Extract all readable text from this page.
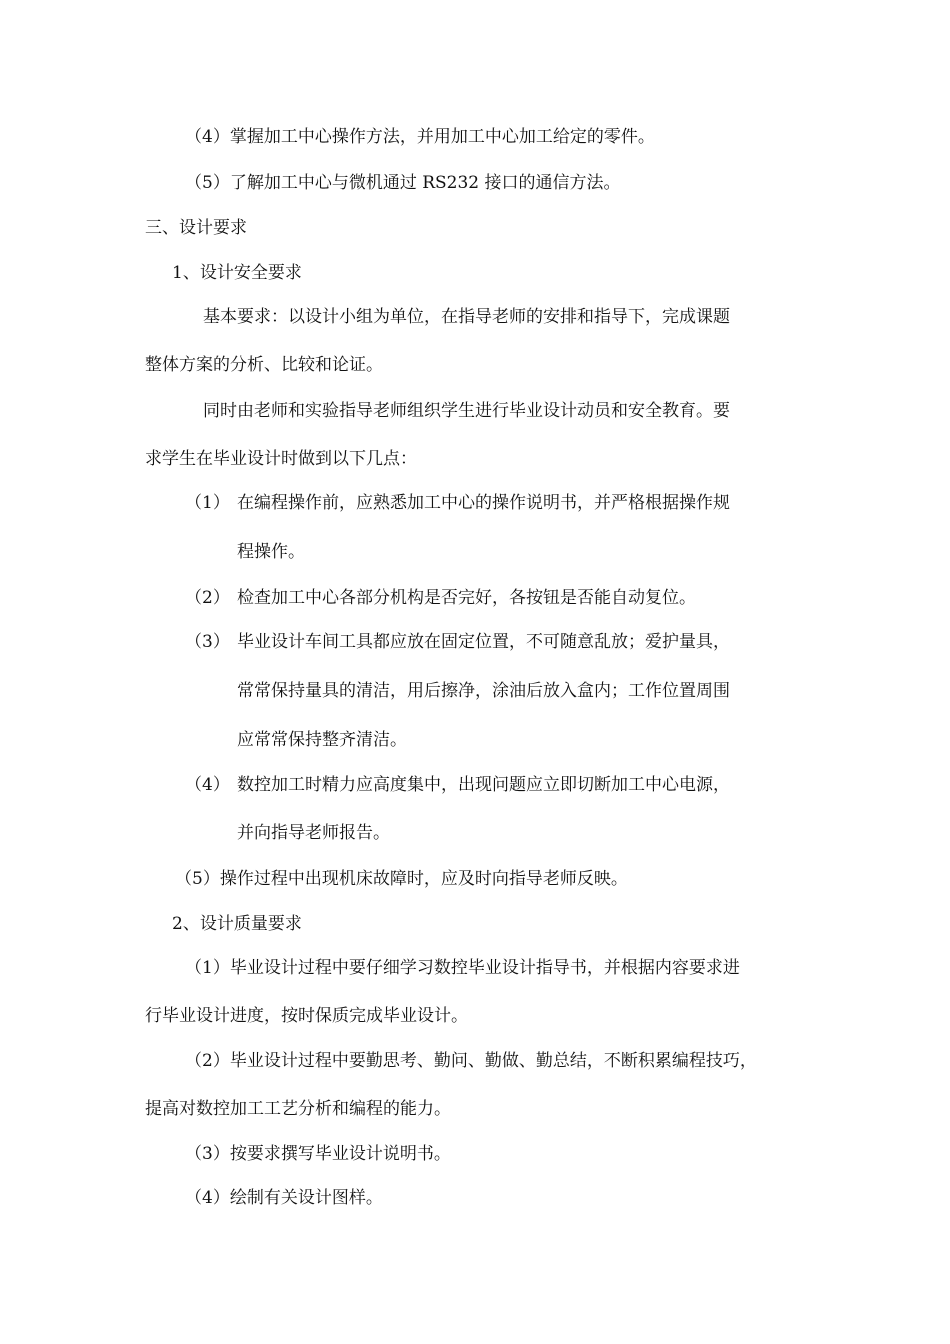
（4）掌握加工中心操作方法，并用加工中心加工给定的零件。
（5）了解加工中心与微机通过 RS232 接口的通信方法。
三、设计要求
1、设计安全要求
基本要求：以设计小组为单位，在指导老师的安排和指导下，完成课题
整体方案的分析、比较和论证。
同时由老师和实验指导老师组织学生进行毕业设计动员和安全教育。要
求学生在毕业设计时做到以下几点：
（1） 在编程操作前，应熟悉加工中心的操作说明书，并严格根据操作规
程操作。
（2） 检查加工中心各部分机构是否完好，各按钮是否能自动复位。
（3） 毕业设计车间工具都应放在固定位置，不可随意乱放；爱护量具，
常常保持量具的清洁，用后擦净，涂油后放入盒内；工作位置周围
应常常保持整齐清洁。
（4） 数控加工时精力应高度集中，出现问题应立即切断加工中心电源，
并向指导老师报告。
（5）操作过程中出现机床故障时，应及时向指导老师反映。
2、设计质量要求
（1）毕业设计过程中要仔细学习数控毕业设计指导书，并根据内容要求进
行毕业设计进度，按时保质完成毕业设计。
（2）毕业设计过程中要勤思考、勤问、勤做、勤总结，不断积累编程技巧，
提高对数控加工工艺分析和编程的能力。
（3）按要求撰写毕业设计说明书。
（4）绘制有关设计图样。
